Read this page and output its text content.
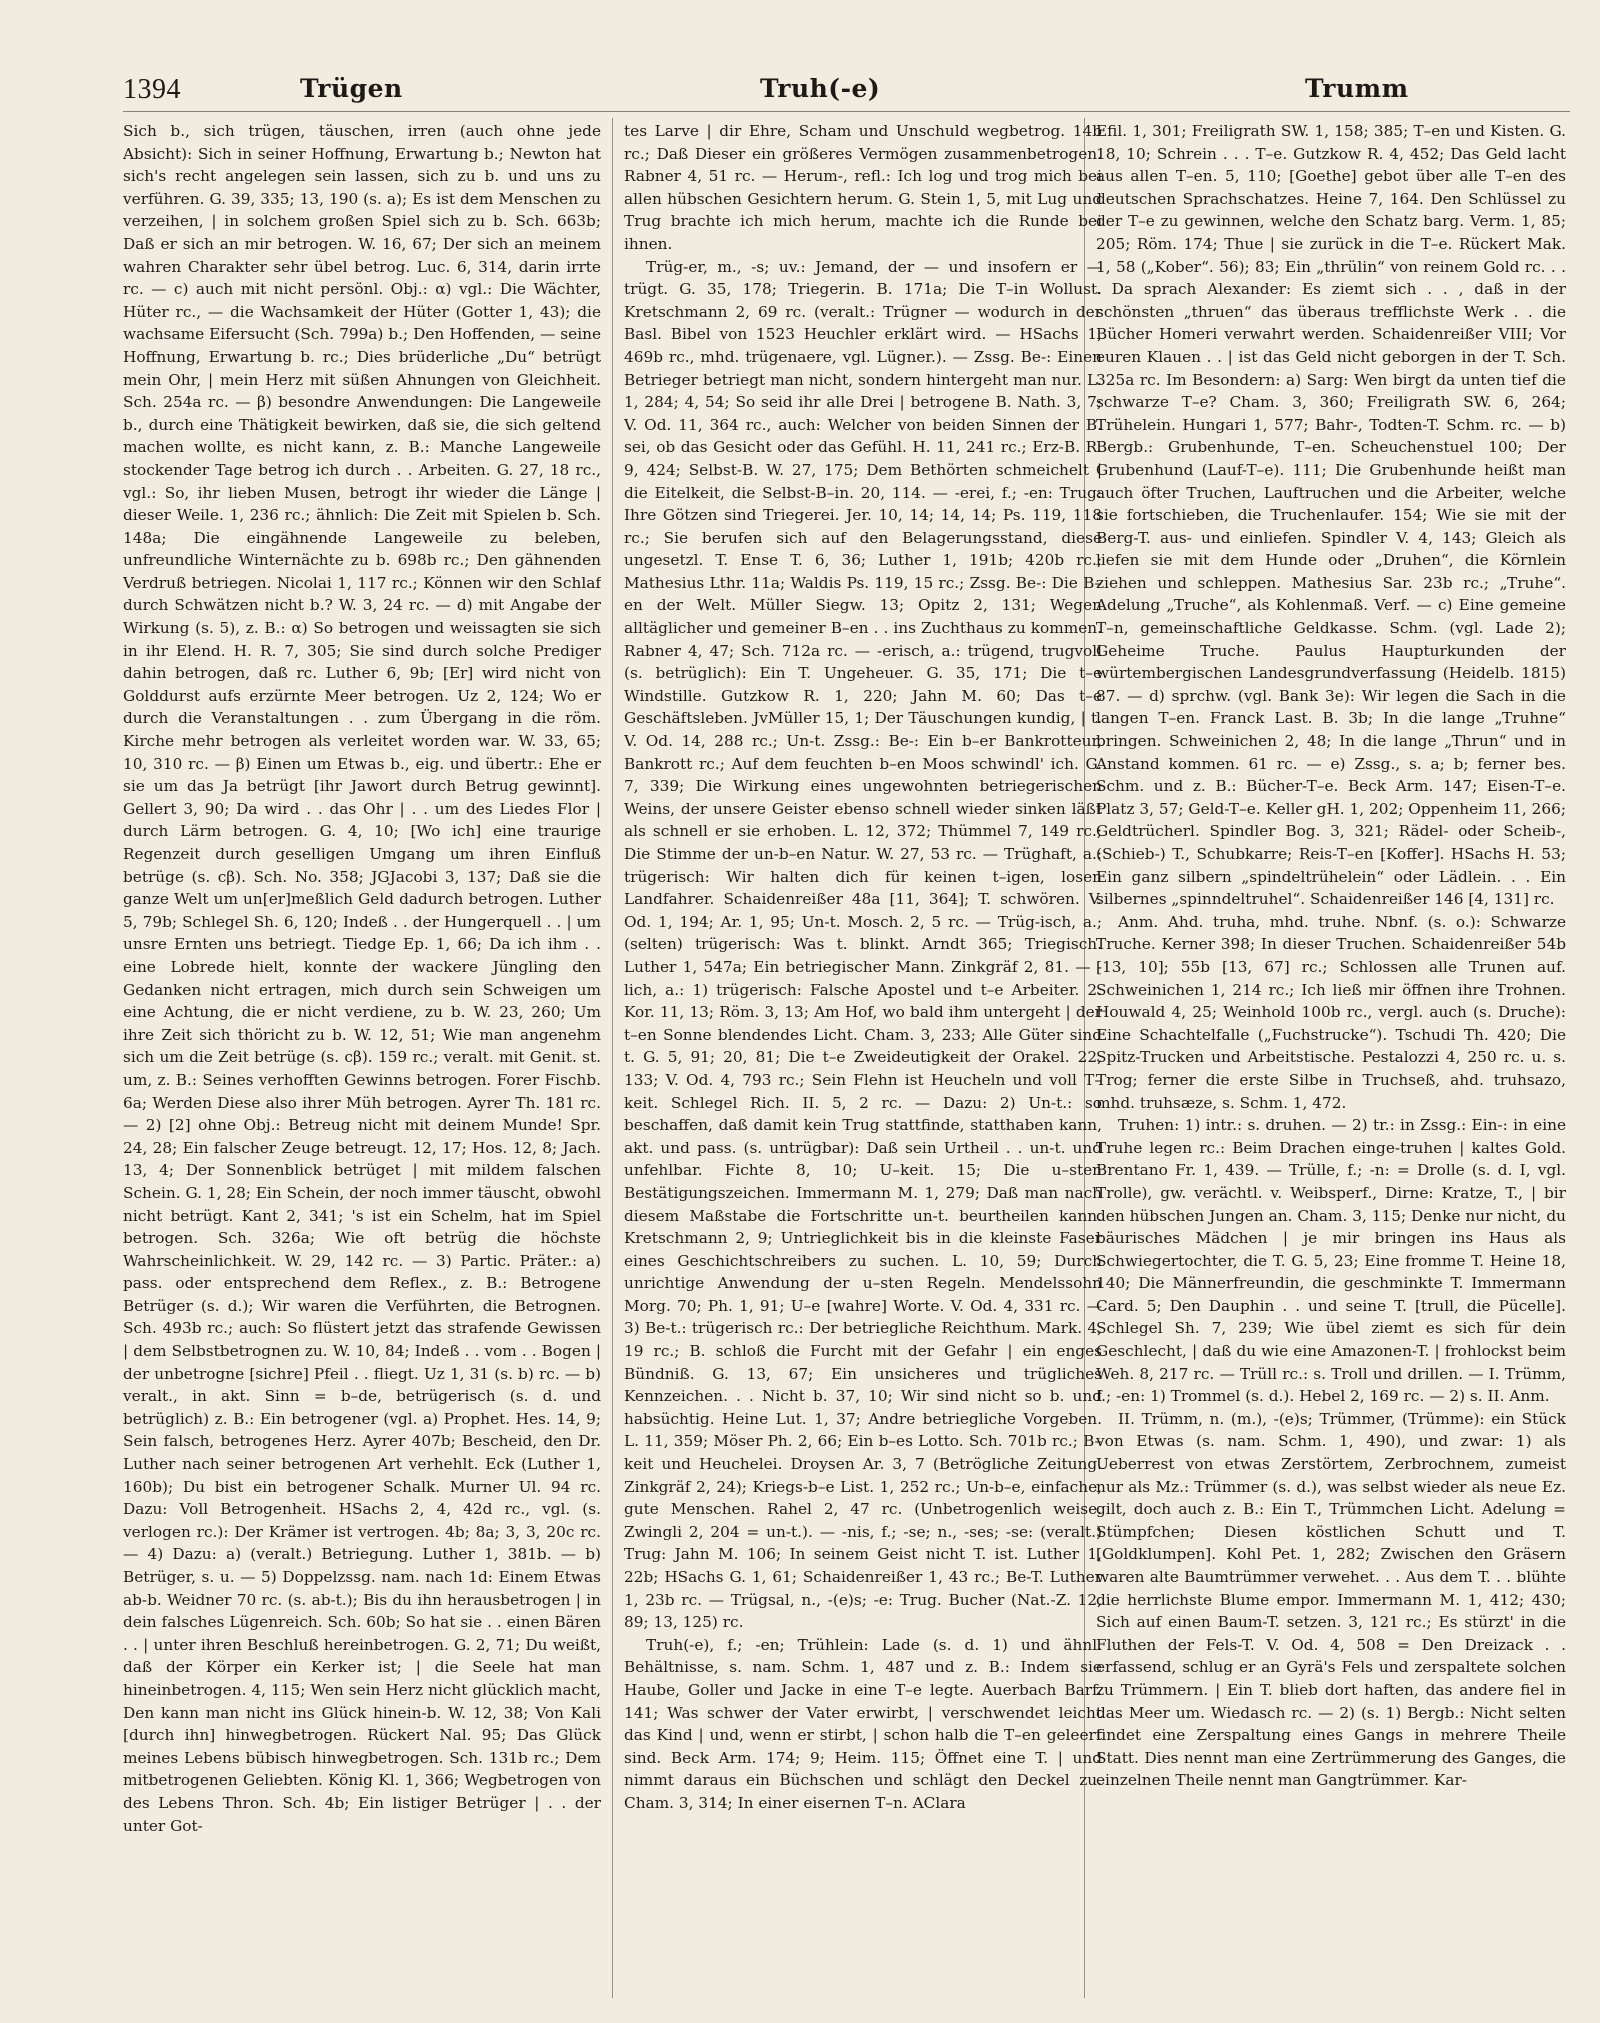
1394	Trügen	Truh(-e)	Trumm

Sich b., sich trügen, täuschen, irren (auch ohne jede Absicht): Sich in seiner Hoffnung, Erwartung b.; Newton hat sich's recht angelegen sein lassen, sich zu b. und uns zu verführen. G. 39, 335; 13, 190 (s. a); Es ist dem Menschen zu verzeihen, | in solchem großen Spiel sich zu b. Sch. 663b; Daß er sich an mir betrogen. W. 16, 67; Der sich an meinem wahren Charakter sehr übel betrog. Luc. 6, 314, darin irrte rc. — c) auch mit nicht persönl. Obj.: α) vgl.: Die Wächter, Hüter rc., — die Wachsamkeit der Hüter (Gotter 1, 43); die wachsame Eifersucht (Sch. 799a) b.; Den Hoffenden, — seine Hoffnung, Erwartung b. rc.; Dies brüderliche „Du“ betrügt mein Ohr, | mein Herz mit süßen Ahnungen von Gleichheit. Sch. 254a rc. — β) besondre Anwendungen: Die Langeweile b., durch eine Thätigkeit bewirken, daß sie, die sich geltend machen wollte, es nicht kann, z. B.: Manche Langeweile stockender Tage betrog ich durch . . Arbeiten. G. 27, 18 rc., vgl.: So, ihr lieben Musen, betrogt ihr wieder die Länge | dieser Weile. 1, 236 rc.; ähnlich: Die Zeit mit Spielen b. Sch. 148a; Die eingähnende Langeweile zu beleben, unfreundliche Winternächte zu b. 698b rc.; Den gähnenden Verdruß betriegen. Nicolai 1, 117 rc.; Können wir den Schlaf durch Schwätzen nicht b.? W. 3, 24 rc. — d) mit Angabe der Wirkung (s. 5), z. B.: α) So betrogen und weissagten sie sich in ihr Elend. H. R. 7, 305; Sie sind durch solche Prediger dahin betrogen, daß rc. Luther 6, 9b; [Er] wird nicht von Golddurst aufs erzürnte Meer betrogen. Uz 2, 124; Wo er durch die Veranstaltungen . . zum Übergang in die röm. Kirche mehr betrogen als verleitet worden war. W. 33, 65; 10, 310 rc. — β) Einen um Etwas b., eig. und übertr.: Ehe er sie um das Ja betrügt [ihr Jawort durch Betrug gewinnt]. Gellert 3, 90; Da wird . . das Ohr | . . um des Liedes Flor | durch Lärm betrogen. G. 4, 10; [Wo ich] eine traurige Regenzeit durch geselligen Umgang um ihren Einfluß betrüge (s. cβ). Sch. No. 358; JGJacobi 3, 137; Daß sie die ganze Welt um un[er]meßlich Geld dadurch betrogen. Luther 5, 79b; Schlegel Sh. 6, 120; Indeß . . der Hungerquell . . | um unsre Ernten uns betriegt. Tiedge Ep. 1, 66; Da ich ihm . . eine Lobrede hielt, konnte der wackere Jüngling den Gedanken nicht ertragen, mich durch sein Schweigen um eine Achtung, die er nicht verdiene, zu b. W. 23, 260; Um ihre Zeit sich thöricht zu b. W. 12, 51; Wie man angenehm sich um die Zeit betrüge (s. cβ). 159 rc.; veralt. mit Genit. st. um, z. B.: Seines verhofften Gewinns betrogen. Forer Fischb. 6a; Werden Diese also ihrer Müh betrogen. Ayrer Th. 181 rc. — 2) [2] ohne Obj.: Betreug nicht mit deinem Munde! Spr. 24, 28; Ein falscher Zeuge betreugt. 12, 17; Hos. 12, 8; Jach. 13, 4; Der Sonnenblick betrüget | mit mildem falschen Schein. G. 1, 28; Ein Schein, der noch immer täuscht, obwohl nicht betrügt. Kant 2, 341; 's ist ein Schelm, hat im Spiel betrogen. Sch. 326a; Wie oft betrüg die höchste Wahrscheinlichkeit. W. 29, 142 rc. — 3) Partic. Präter.: a) pass. oder entsprechend dem Reflex., z. B.: Betrogene Betrüger (s. d.); Wir waren die Verführten, die Betrognen. Sch. 493b rc.; auch: So flüstert jetzt das strafende Gewissen | dem Selbstbetrognen zu. W. 10, 84; Indeß . . vom . . Bogen | der unbetrogne [sichre] Pfeil . . fliegt. Uz 1, 31 (s. b) rc. — b) veralt., in akt. Sinn = b–de, betrügerisch (s. d. und betrüglich) z. B.: Ein betrogener (vgl. a) Prophet. Hes. 14, 9; Sein falsch, betrogenes Herz. Ayrer 407b; Bescheid, den Dr. Luther nach seiner betrogenen Art verhehlt. Eck (Luther 1, 160b); Du bist ein betrogener Schalk. Murner Ul. 94 rc. Dazu: Voll Betrogenheit. HSachs 2, 4, 42d rc., vgl. (s. verlogen rc.): Der Krämer ist vertrogen. 4b; 8a; 3, 3, 20c rc. — 4) Dazu: a) (veralt.) Betriegung. Luther 1, 381b. — b) Betrüger, s. u. — 5) Doppelzssg. nam. nach 1d: Einem Etwas ab-b. Weidner 70 rc. (s. ab-t.); Bis du ihn herausbetrogen | in dein falsches Lügenreich. Sch. 60b; So hat sie . . einen Bären . . | unter ihren Beschluß hereinbetrogen. G. 2, 71; Du weißt, daß der Körper ein Kerker ist; | die Seele hat man hineinbetrogen. 4, 115; Wen sein Herz nicht glücklich macht, Den kann man nicht ins Glück hinein-b. W. 12, 38; Von Kali [durch ihn] hinwegbetrogen. Rückert Nal. 95; Das Glück meines Lebens bübisch hinwegbetrogen. Sch. 131b rc.; Dem mitbetrogenen Geliebten. König Kl. 1, 366; Wegbetrogen von des Lebens Thron. Sch. 4b; Ein listiger Betrüger | . . der unter Got-

tes Larve | dir Ehre, Scham und Unschuld wegbetrog. 14b rc.; Daß Dieser ein größeres Vermögen zusammenbetrogen. Rabner 4, 51 rc. — Herum-, refl.: Ich log und trog mich bei allen hübschen Gesichtern herum. G. Stein 1, 5, mit Lug und Trug brachte ich mich herum, machte ich die Runde bei ihnen.

Trüg-er, m., -s; uv.: Jemand, der — und insofern er — trügt. G. 35, 178; Triegerin. B. 171a; Die T–in Wollust. Kretschmann 2, 69 rc. (veralt.: Trügner — wodurch in der Basl. Bibel von 1523 Heuchler erklärt wird. — HSachs 1, 469b rc., mhd. trügenaere, vgl. Lügner.). — Zssg. Be-: Einen Betrieger betriegt man nicht, sondern hintergeht man nur. L. 1, 284; 4, 54; So seid ihr alle Drei | betrogene B. Nath. 3, 7; V. Od. 11, 364 rc., auch: Welcher von beiden Sinnen der B. sei, ob das Gesicht oder das Gefühl. H. 11, 241 rc.; Erz-B. R. 9, 424; Selbst-B. W. 27, 175; Dem Bethörten schmeichelt | die Eitelkeit, die Selbst-B–in. 20, 114. — -erei, f.; -en: Trug: Ihre Götzen sind Triegerei. Jer. 10, 14; 14, 14; Ps. 119, 118 rc.; Sie berufen sich auf den Belagerungsstand, diese ungesetzl. T. Ense T. 6, 36; Luther 1, 191b; 420b rc.; Mathesius Lthr. 11a; Waldis Ps. 119, 15 rc.; Zssg. Be-: Die B–en der Welt. Müller Siegw. 13; Opitz 2, 131; Wegen alltäglicher und gemeiner B–en . . ins Zuchthaus zu kommen. Rabner 4, 47; Sch. 712a rc. — -erisch, a.: trügend, trugvoll (s. betrüglich): Ein T. Ungeheuer. G. 35, 171; Die t–e Windstille. Gutzkow R. 1, 220; Jahn M. 60; Das t–e Geschäftsleben. JvMüller 15, 1; Der Täuschungen kundig, | t. V. Od. 14, 288 rc.; Un-t. Zssg.: Be-: Ein b–er Bankrotteur, Bankrott rc.; Auf dem feuchten b–en Moos schwindl' ich. G. 7, 339; Die Wirkung eines ungewohnten betriegerischen Weins, der unsere Geister ebenso schnell wieder sinken läßt als schnell er sie erhoben. L. 12, 372; Thümmel 7, 149 rc.; Die Stimme der un-b–en Natur. W. 27, 53 rc. — Trüghaft, a.: trügerisch: Wir halten dich für keinen t–igen, losen Landfahrer. Schaidenreißer 48a [11, 364]; T. schwören. V. Od. 1, 194; Ar. 1, 95; Un-t. Mosch. 2, 5 rc. — Trüg-isch, a.; (selten) trügerisch: Was t. blinkt. Arndt 365; Triegisch. Luther 1, 547a; Ein betriegischer Mann. Zinkgräf 2, 81. — -lich, a.: 1) trügerisch: Falsche Apostel und t–e Arbeiter. 2. Kor. 11, 13; Röm. 3, 13; Am Hof, wo bald ihm untergeht | der t–en Sonne blendendes Licht. Cham. 3, 233; Alle Güter sind t. G. 5, 91; 20, 81; Die t–e Zweideutigkeit der Orakel. 22, 133; V. Od. 4, 793 rc.; Sein Flehn ist Heucheln und voll T–keit. Schlegel Rich. II. 5, 2 rc. — Dazu: 2) Un-t.: so beschaffen, daß damit kein Trug stattfinde, statthaben kann, akt. und pass. (s. untrügbar): Daß sein Urtheil . . un-t. und unfehlbar. Fichte 8, 10; U–keit. 15; Die u–sten Bestätigungszeichen. Immermann M. 1, 279; Daß man nach diesem Maßstabe die Fortschritte un-t. beurtheilen kann. Kretschmann 2, 9; Untrieglichkeit bis in die kleinste Faser eines Geschichtschreibers zu suchen. L. 10, 59; Durch unrichtige Anwendung der u–sten Regeln. Mendelssohn Morg. 70; Ph. 1, 91; U–e [wahre] Worte. V. Od. 4, 331 rc. — 3) Be-t.: trügerisch rc.: Der betriegliche Reichthum. Mark. 4, 19 rc.; B. schloß die Furcht mit der Gefahr | ein enges Bündniß. G. 13, 67; Ein unsicheres und trügliches Kennzeichen. . . Nicht b. 37, 10; Wir sind nicht so b. und habsüchtig. Heine Lut. 1, 37; Andre betriegliche Vorgeben. L. 11, 359; Möser Ph. 2, 66; Ein b–es Lotto. Sch. 701b rc.; B–keit und Heuchelei. Droysen Ar. 3, 7 (Betrögliche Zeitung. Zinkgräf 2, 24); Kriegs-b–e List. 1, 252 rc.; Un-b–e, einfache, gute Menschen. Rahel 2, 47 rc. (Unbetrogenlich weise. Zwingli 2, 204 = un-t.). — -nis, f.; -se; n., -ses; -se: (veralt.) Trug: Jahn M. 106; In seinem Geist nicht T. ist. Luther 1, 22b; HSachs G. 1, 61; Schaidenreißer 1, 43 rc.; Be-T. Luther 1, 23b rc. — Trügsal, n., -(e)s; -e: Trug. Bucher (Nat.-Z. 12, 89; 13, 125) rc.

Truh(-e), f.; -en; Trühlein: Lade (s. d. 1) und ähnl. Behältnisse, s. nam. Schm. 1, 487 und z. B.: Indem sie Haube, Goller und Jacke in eine T–e legte. Auerbach Barf. 141; Was schwer der Vater erwirbt, | verschwendet leicht das Kind | und, wenn er stirbt, | schon halb die T–en geleert sind. Beck Arm. 174; 9; Heim. 115; Öffnet eine T. | und nimmt daraus ein Büchschen und schlägt den Deckel zu. Cham. 3, 314; In einer eisernen T–n. AClara

Efil. 1, 301; Freiligrath SW. 1, 158; 385; T–en und Kisten. G. 18, 10; Schrein . . . T–e. Gutzkow R. 4, 452; Das Geld lacht aus allen T–en. 5, 110; [Goethe] gebot über alle T–en des deutschen Sprachschatzes. Heine 7, 164. Den Schlüssel zu der T–e zu gewinnen, welche den Schatz barg. Verm. 1, 85; 205; Röm. 174; Thue | sie zurück in die T–e. Rückert Mak. 1, 58 („Kober“. 56); 83; Ein „thrülin“ von reinem Gold rc. . . . Da sprach Alexander: Es ziemt sich . . , daß in der schönsten „thruen“ das überaus trefflichste Werk . . die Bücher Homeri verwahrt werden. Schaidenreißer VIII; Vor euren Klauen . . | ist das Geld nicht geborgen in der T. Sch. 325a rc. Im Besondern: a) Sarg: Wen birgt da unten tief die schwarze T–e? Cham. 3, 360; Freiligrath SW. 6, 264; Trühelein. Hungari 1, 577; Bahr-, Todten-T. Schm. rc. — b) Bergb.: Grubenhunde, T–en. Scheuchenstuel 100; Der Grubenhund (Lauf-T–e). 111; Die Grubenhunde heißt man auch öfter Truchen, Lauftruchen und die Arbeiter, welche sie fortschieben, die Truchenlaufer. 154; Wie sie mit der Berg-T. aus- und einliefen. Spindler V. 4, 143; Gleich als liefen sie mit dem Hunde oder „Druhen“, die Körnlein ziehen und schleppen. Mathesius Sar. 23b rc.; „Truhe“. Adelung „Truche“, als Kohlenmaß. Verf. — c) Eine gemeine T–n, gemeinschaftliche Geldkasse. Schm. (vgl. Lade 2); Geheime Truche. Paulus Haupturkunden der würtembergischen Landesgrundverfassung (Heidelb. 1815) 87. — d) sprchw. (vgl. Bank 3e): Wir legen die Sach in die langen T–en. Franck Last. B. 3b; In die lange „Truhne“ bringen. Schweinichen 2, 48; In die lange „Thrun“ und in Anstand kommen. 61 rc. — e) Zssg., s. a; b; ferner bes. Schm. und z. B.: Bücher-T–e. Beck Arm. 147; Eisen-T–e. Platz 3, 57; Geld-T–e. Keller gH. 1, 202; Oppenheim 11, 266; Geldtrücherl. Spindler Bog. 3, 321; Rädel- oder Scheib-, (Schieb-) T., Schubkarre; Reis-T–en [Koffer]. HSachs H. 53; Ein ganz silbern „spindeltrühelein“ oder Lädlein. . . Ein silbernes „spinndeltruhel“. Schaidenreißer 146 [4, 131] rc.

Anm. Ahd. truha, mhd. truhe. Nbnf. (s. o.): Schwarze Truche. Kerner 398; In dieser Truchen. Schaidenreißer 54b [13, 10]; 55b [13, 67] rc.; Schlossen alle Trunen auf. Schweinichen 1, 214 rc.; Ich ließ mir öffnen ihre Trohnen. Houwald 4, 25; Weinhold 100b rc., vergl. auch (s. Druche): Eine Schachtelfalle („Fuchstrucke“). Tschudi Th. 420; Die Spitz-Trucken und Arbeitstische. Pestalozzi 4, 250 rc. u. s. Trog; ferner die erste Silbe in Truchseß, ahd. truhsazo, mhd. truhsæze, s. Schm. 1, 472.

Truhen: 1) intr.: s. druhen. — 2) tr.: in Zssg.: Ein-: in eine Truhe legen rc.: Beim Drachen einge-truhen | kaltes Gold. Brentano Fr. 1, 439. — Trülle, f.; -n: = Drolle (s. d. I, vgl. Trolle), gw. verächtl. v. Weibsperf., Dirne: Kratze, T., | bir den hübschen Jungen an. Cham. 3, 115; Denke nur nicht, du bäurisches Mädchen | je mir bringen ins Haus als Schwiegertochter, die T. G. 5, 23; Eine fromme T. Heine 18, 140; Die Männerfreundin, die geschminkte T. Immermann Card. 5; Den Dauphin . . und seine T. [trull, die Pücelle]. Schlegel Sh. 7, 239; Wie übel ziemt es sich für dein Geschlecht, | daß du wie eine Amazonen-T. | frohlockst beim Weh. 8, 217 rc. — Trüll rc.: s. Troll und drillen. — I. Trümm, f.; -en: 1) Trommel (s. d.). Hebel 2, 169 rc. — 2) s. II. Anm.

II. Trümm, n. (m.), -(e)s; Trümmer, (Trümme): ein Stück von Etwas (s. nam. Schm. 1, 490), und zwar: 1) als Ueberrest von etwas Zerstörtem, Zerbrochnem, zumeist nur als Mz.: Trümmer (s. d.), was selbst wieder als neue Ez. gilt, doch auch z. B.: Ein T., Trümmchen Licht. Adelung = Stümpfchen; Diesen köstlichen Schutt und T. [Goldklumpen]. Kohl Pet. 1, 282; Zwischen den Gräsern waren alte Baumtrümmer verwehet. . . Aus dem T. . . blühte die herrlichste Blume empor. Immermann M. 1, 412; 430; Sich auf einen Baum-T. setzen. 3, 121 rc.; Es stürzt' in die Fluthen der Fels-T. V. Od. 4, 508 = Den Dreizack . . erfassend, schlug er an Gyrä's Fels und zerspaltete solchen zu Trümmern. | Ein T. blieb dort haften, das andere fiel in das Meer um. Wiedasch rc. — 2) (s. 1) Bergb.: Nicht selten findet eine Zerspaltung eines Gangs in mehrere Theile Statt. Dies nennt man eine Zertrümmerung des Ganges, die einzelnen Theile nennt man Gangtrümmer. Kar-
